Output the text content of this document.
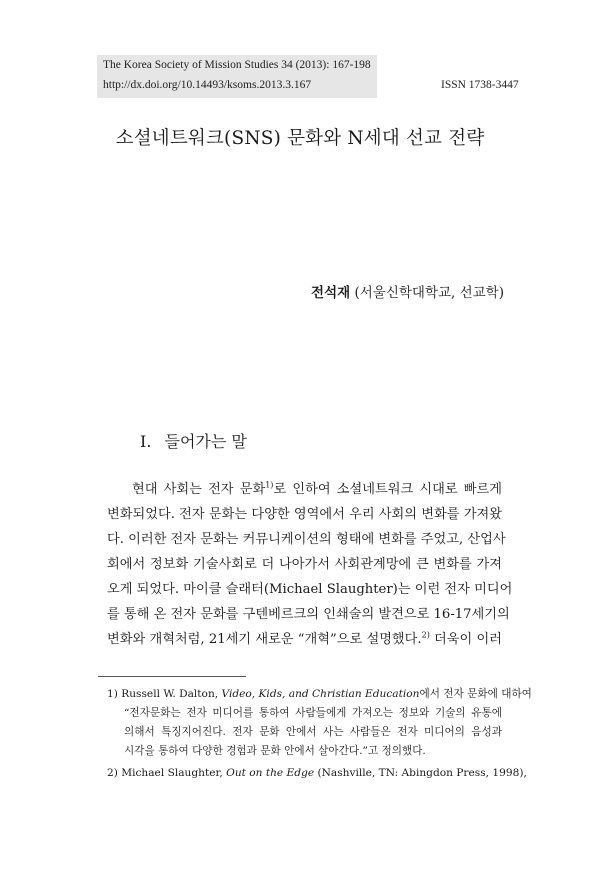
The Korea Society of Mission Studies 34 (2013): 167-198
http://dx.doi.org/10.14493/ksoms.2013.3.167	ISSN 1738-3447
소셜네트워크(SNS) 문화와 N세대 선교 전략
전석재 (서울신학대학교, 선교학)
Ⅰ. 들어가는 말
현대 사회는 전자 문화$^{1)}$로 인하여 소셜네트워크 시대로 빠르게
변화되었다. 전자 문화는 다양한 영역에서 우리 사회의 변화를 가져왔
다. 이러한 전자 문화는 커뮤니케이션의 형태에 변화를 주었고, 산업사
회에서 정보화 기술사회로 더 나아가서 사회관계망에 큰 변화를 가져
오게 되었다. 마이클 슬래터(Michael Slaughter)는 이런 전자 미디어
를 통해 온 전자 문화를 구텐베르크의 인쇄술의 발견으로 16-17세기의
변화와 개혁처럼, 21세기 새로운 “개혁”으로 설명했다.$^{2)}$ 더욱이 이러
1) Russell W. Dalton, Video, Kids, and Christian Education에서 전자 문화에 대하여
“전자문화는 전자 미디어를 통하여 사람들에게 가져오는 정보와 기술의 유통에
의해서 특징지어진다. 전자 문화 안에서 사는 사람들은 전자 미디어의 음성과
시각을 통하여 다양한 경험과 문화 안에서 살아간다.”고 정의했다.
2) Michael Slaughter, Out on the Edge (Nashville, TN: Abingdon Press, 1998),
